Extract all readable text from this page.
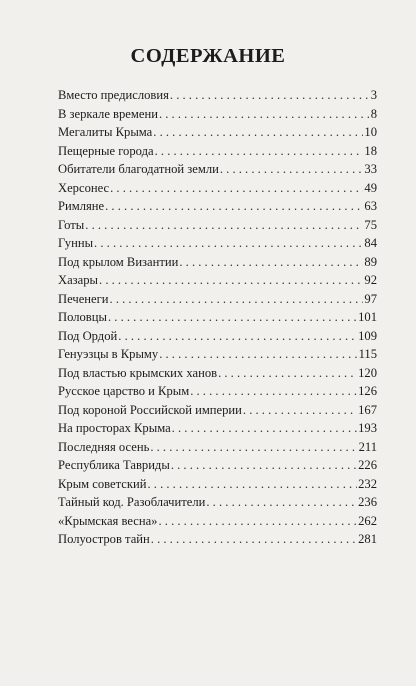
СОДЕРЖАНИЕ
Вместо предисловия . . .	3
В зеркале времени . . .	8
Мегалиты Крыма . . .	10
Пещерные города . . .	18
Обитатели благодатной земли . . .	33
Херсонес . . .	49
Римляне . . .	63
Готы . . .	75
Гунны . . .	84
Под крылом Византии . . .	89
Хазары . . .	92
Печенеги . . .	97
Половцы . . .	101
Под Ордой . . .	109
Генуэзцы в Крыму . . .	115
Под властью крымских ханов . . .	120
Русское царство и Крым . . .	126
Под короной Российской империи . . .	167
На просторах Крыма . . .	193
Последняя осень . . .	211
Республика Тавриды . . .	226
Крым советский . . .	232
Тайный код. Разоблачители . . .	236
«Крымская весна» . . .	262
Полуостров тайн . . .	281
